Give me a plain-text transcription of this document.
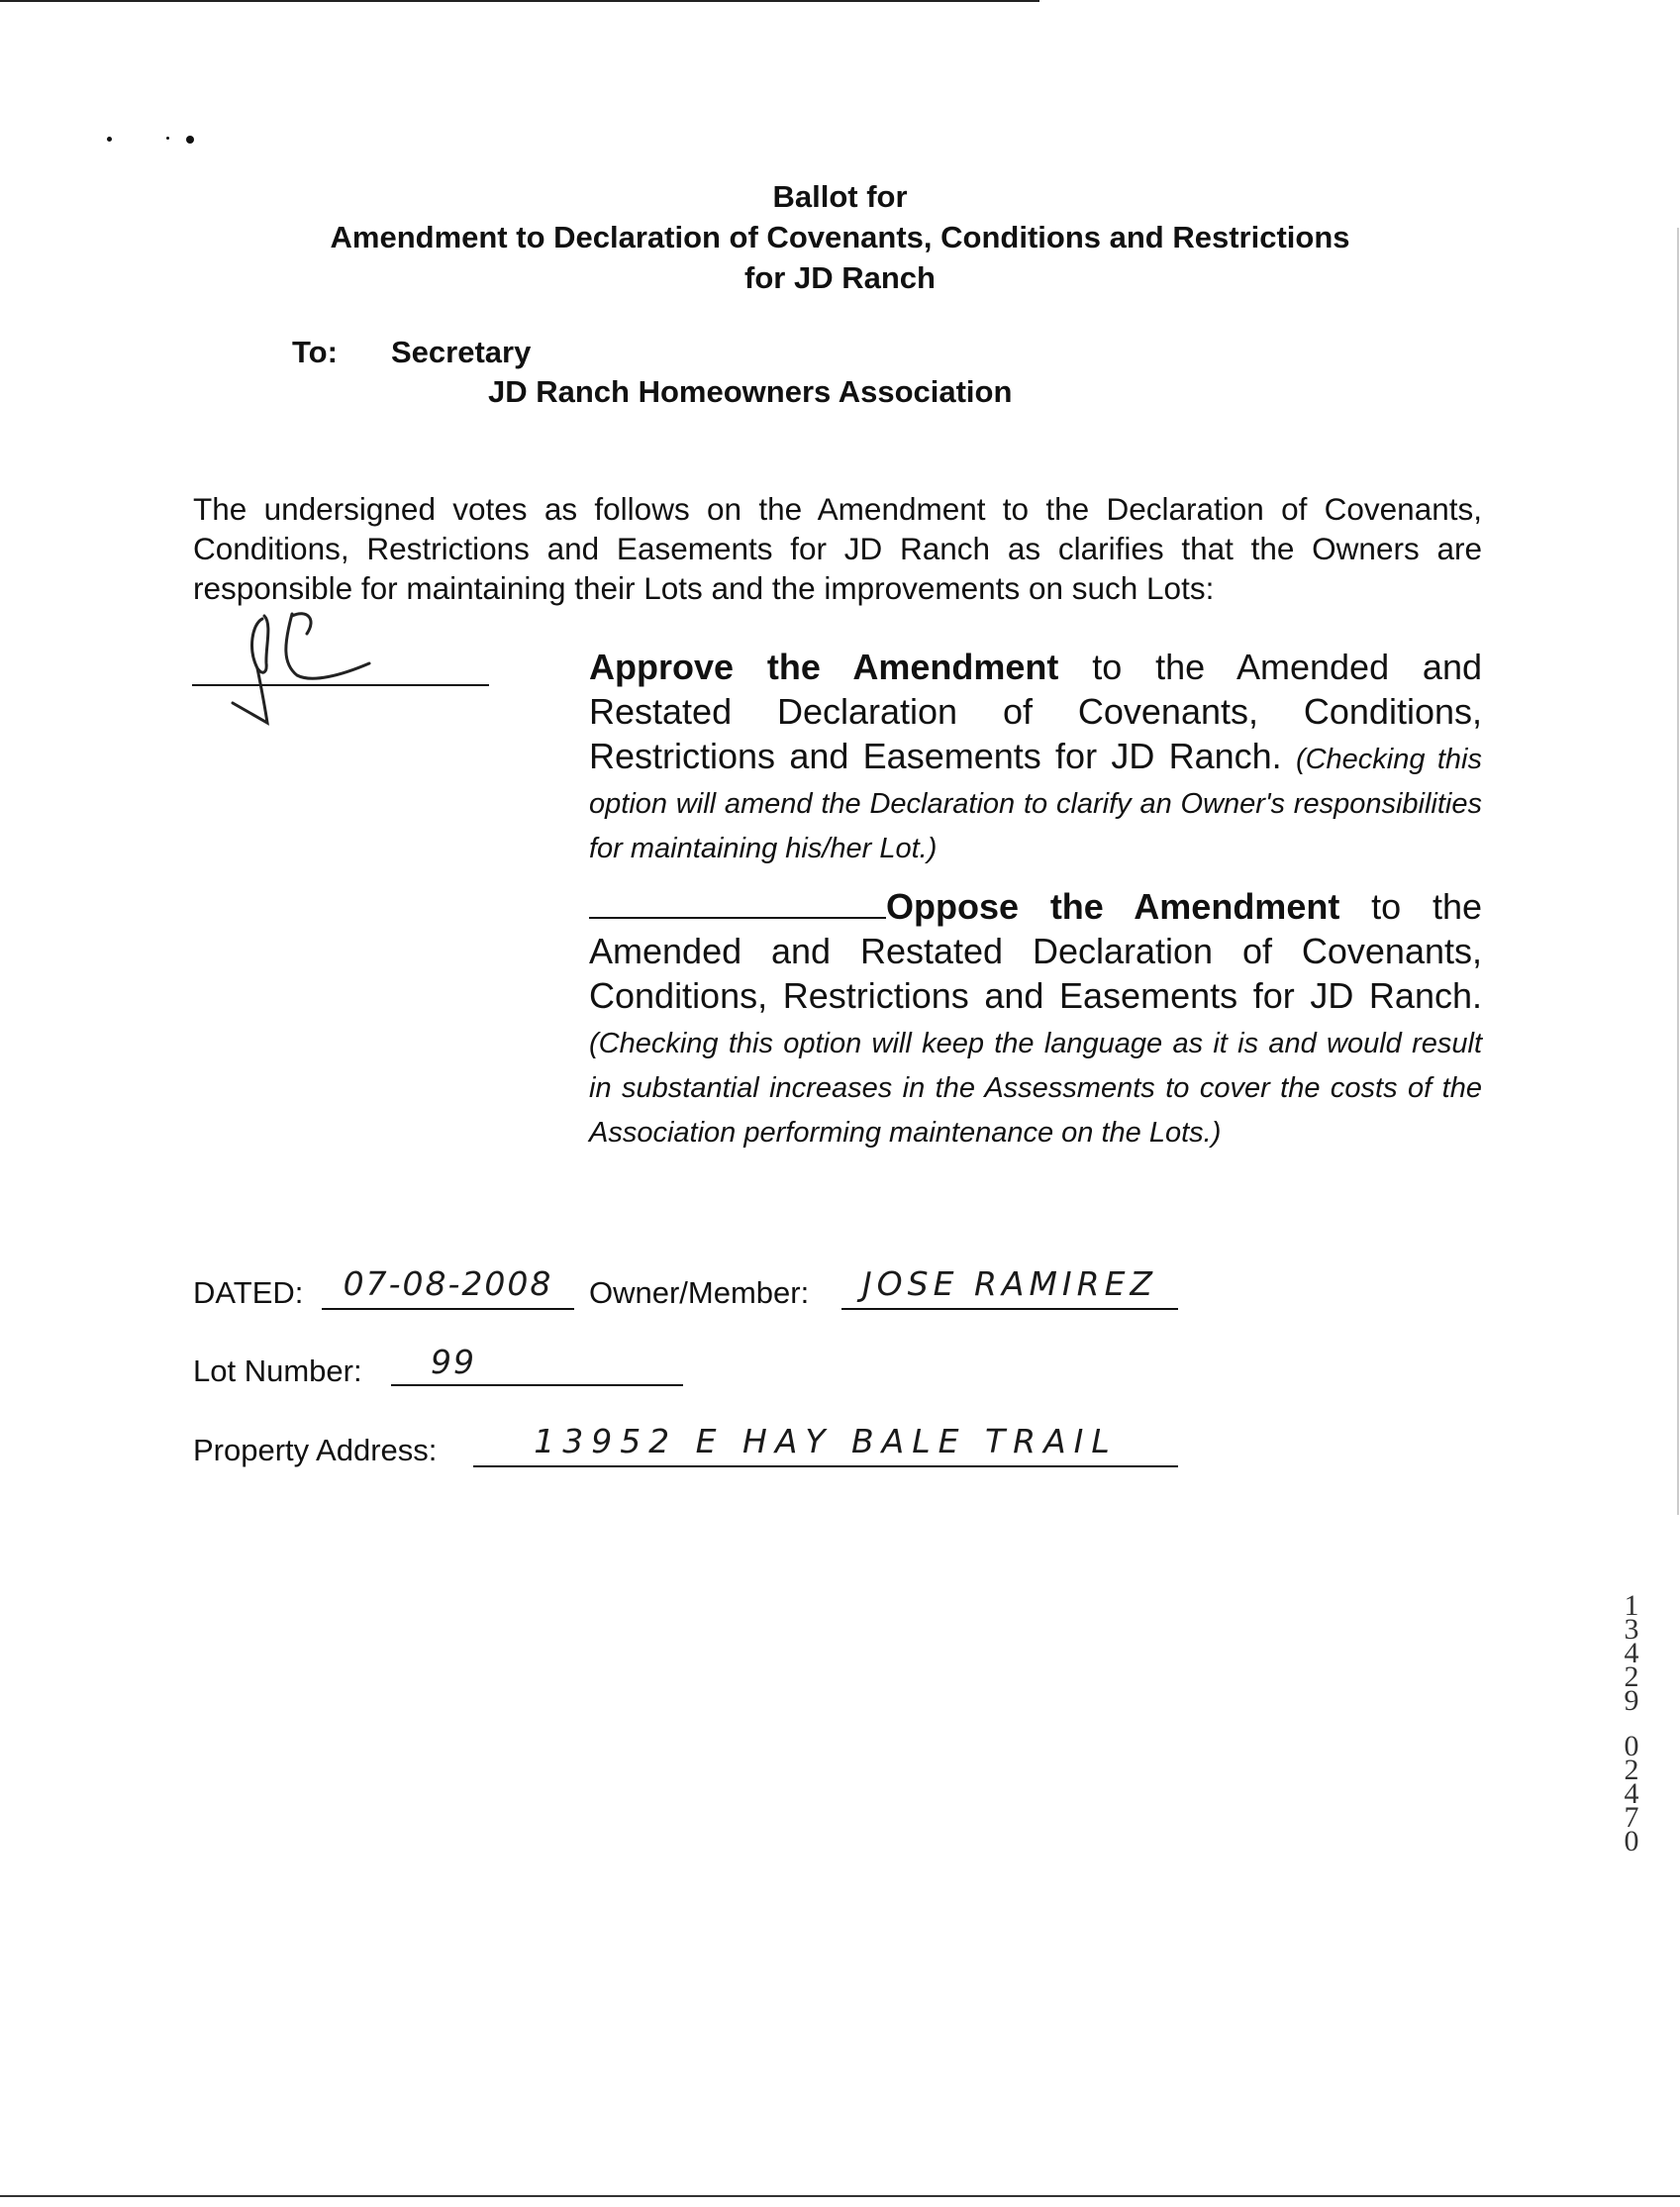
Ballot for
Amendment to Declaration of Covenants, Conditions and Restrictions
for JD Ranch
To: Secretary
JD Ranch Homeowners Association
The undersigned votes as follows on the Amendment to the Declaration of Covenants, Conditions, Restrictions and Easements for JD Ranch as clarifies that the Owners are responsible for maintaining their Lots and the improvements on such Lots:
Approve the Amendment to the Amended and Restated Declaration of Covenants, Conditions, Restrictions and Easements for JD Ranch. (Checking this option will amend the Declaration to clarify an Owner's responsibilities for maintaining his/her Lot.)
Oppose the Amendment to the Amended and Restated Declaration of Covenants, Conditions, Restrictions and Easements for JD Ranch. (Checking this option will keep the language as it is and would result in substantial increases in the Assessments to cover the costs of the Association performing maintenance on the Lots.)
DATED:	07-08-2008	Owner/Member:	JOSE RAMIREZ
Lot Number:	99
Property Address:	13952 E HAY BALE TRAIL
1
3
4
2
9
0
2
4
7
0
